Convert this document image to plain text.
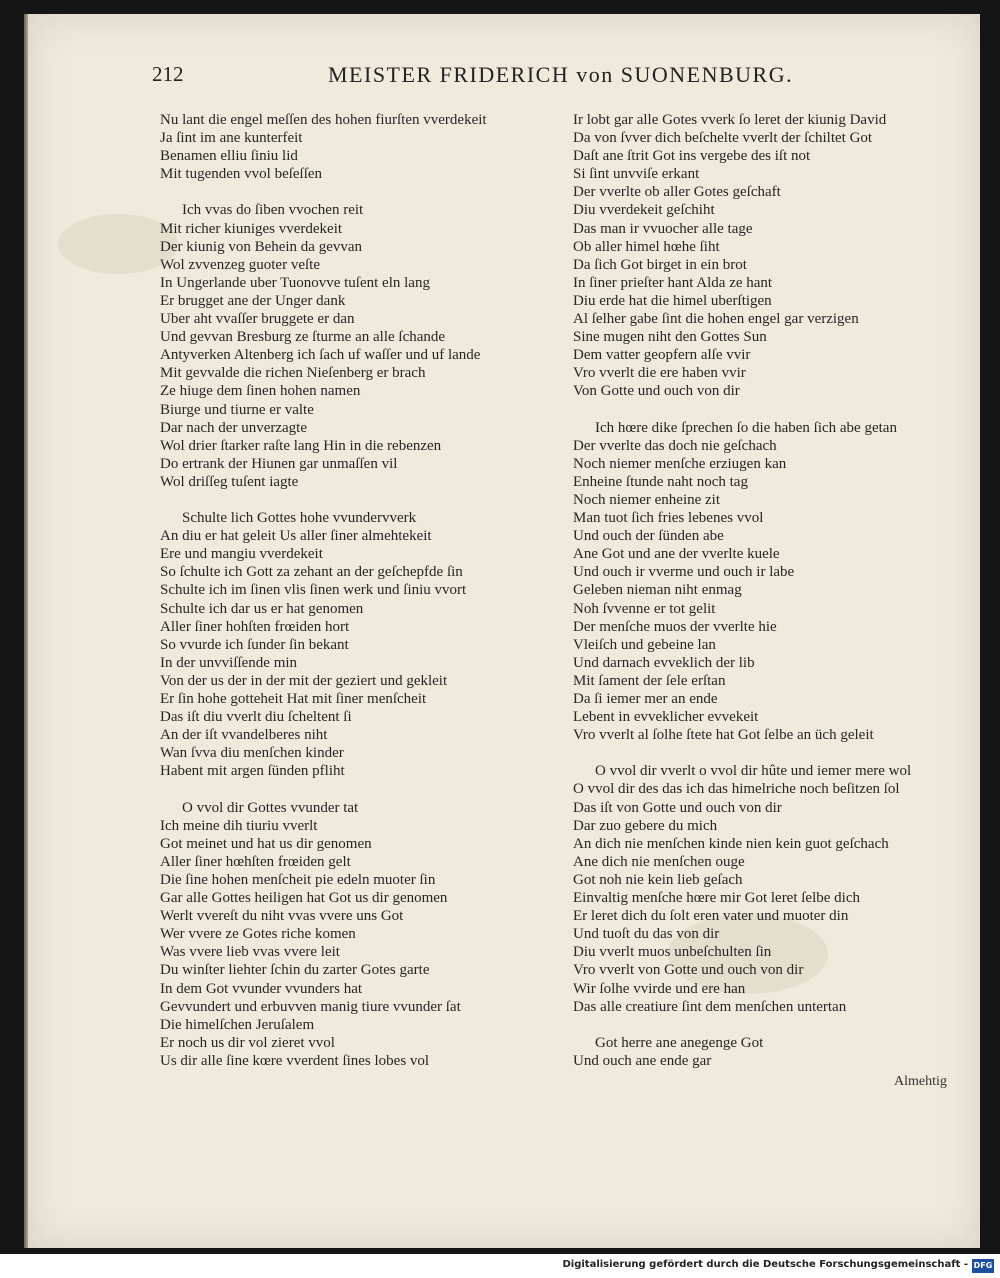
212	MEISTER FRIDERICH von SUONENBURG.
Nu lant die engel meſſen des hohen fiurſten vverdekeit
Ja ſint im ane kunterfeit
Benamen elliu ſiniu lid
Mit tugenden vvol beſeſſen
Ich vvas do ſiben vvochen reit
Mit richer kiuniges vverdekeit
Der kiunig von Behein da gevvan
Wol zvvenzeg guoter veſte
In Ungerlande uber Tuonovve tuſent eln lang
Er brugget ane der Unger dank
Uber aht vvaſſer bruggete er dan
Und gevvan Bresburg ze ſturme an alle ſchande
Antyverken Altenberg ich ſach uf waſſer und uf lande
Mit gevvalde die richen Nieſenberg er brach
Ze hiuge dem ſinen hohen namen
Biurge und tiurne er valte
Dar nach der unverzagte
Wol drier ſtarker raſte lang Hin in die rebenzen
Do ertrank der Hiunen gar unmaſſen vil
Wol driſſeg tuſent iagte
Schulte lich Gottes hohe vvundervverk
An diu er hat geleit Us aller ſiner almehtekeit
Ere und mangiu vverdekeit
So ſchulte ich Gott za zehant an der geſchepfde ſin
Schulte ich im ſinen vlis ſinen werk und ſiniu vvort
Schulte ich dar us er hat genomen
Aller ſiner hohſten frœiden hort
So vvurde ich ſunder ſin bekant
In der unvviſſende min
Von der us der in der mit der geziert und gekleit
Er ſin hohe gotteheit Hat mit ſiner menſcheit
Das iſt diu vverlt diu ſcheltent ſi
An der iſt vvandelberes niht
Wan ſvva diu menſchen kinder
Habent mit argen ſünden pfliht
O vvol dir Gottes vvunder tat
Ich meine dih tiuriu vverlt
Got meinet und hat us dir genomen
Aller ſiner hœhſten frœiden gelt
Die ſine hohen menſcheit pie edeln muoter ſin
Gar alle Gottes heiligen hat Got us dir genomen
Werlt vvereſt du niht vvas vvere uns Got
Wer vvere ze Gotes riche komen
Was vvere lieb vvas vvere leit
Du winſter liehter ſchin du zarter Gotes garte
In dem Got vvunder vvunders hat
Gevvundert und erbuvven manig tiure vvunder ſat
Die himelſchen Jeruſalem
Er noch us dir vol zieret vvol
Us dir alle ſine kœre vverdent ſines lobes vol
Ir lobt gar alle Gotes vverk ſo leret der kiunig David
Da von ſvver dich beſchelte vverlt der ſchiltet Got
Daſt ane ſtrit Got ins vergebe des iſt not
Si ſint unvviſe erkant
Der vverlte ob aller Gotes geſchaft
Diu vverdekeit geſchiht
Das man ir vvuocher alle tage
Ob aller himel hœhe ſiht
Da ſich Got birget in ein brot
In ſiner prieſter hant Alda ze hant
Diu erde hat die himel uberſtigen
Al ſelher gabe ſint die hohen engel gar verzigen
Sine mugen niht den Gottes Sun
Dem vatter geopfern alſe vvir
Vro vverlt die ere haben vvir
Von Gotte und ouch von dir
Ich hœre dike ſprechen ſo die haben ſich abe getan
Der vverlte das doch nie geſchach
Noch niemer menſche erziugen kan
Enheine ſtunde naht noch tag
Noch niemer enheine zit
Man tuot ſich fries lebenes vvol
Und ouch der ſünden abe
Ane Got und ane der vverlte kuele
Und ouch ir vverme und ouch ir labe
Geleben nieman niht enmag
Noh ſvvenne er tot gelit
Der menſche muos der vverlte hie
Vleiſch und gebeine lan
Und darnach evveklich der lib
Mit ſament der ſele erſtan
Da ſi iemer mer an ende
Lebent in evveklicher evvekeit
Vro vverlt al ſolhe ſtete hat Got ſelbe an üch geleit
O vvol dir vverlt o vvol dir hûte und iemer mere wol
O vvol dir des das ich das himelriche noch beſitzen ſol
Das iſt von Gotte und ouch von dir
Dar zuo gebere du mich
An dich nie menſchen kinde nien kein guot geſchach
Ane dich nie menſchen ouge
Got noh nie kein lieb geſach
Einvaltig menſche hœre mir Got leret ſelbe dich
Er leret dich du ſolt eren vater und muoter din
Und tuoſt du das von dir
Diu vverlt muos unbeſchulten ſin
Vro vverlt von Gotte und ouch von dir
Wir ſolhe vvirde und ere han
Das alle creatiure ſint dem menſchen untertan
Got herre ane anegenge Got
Und ouch ane ende gar
Almehtig
Digitalisierung gefördert durch die Deutsche Forschungsgemeinschaft - DFG
